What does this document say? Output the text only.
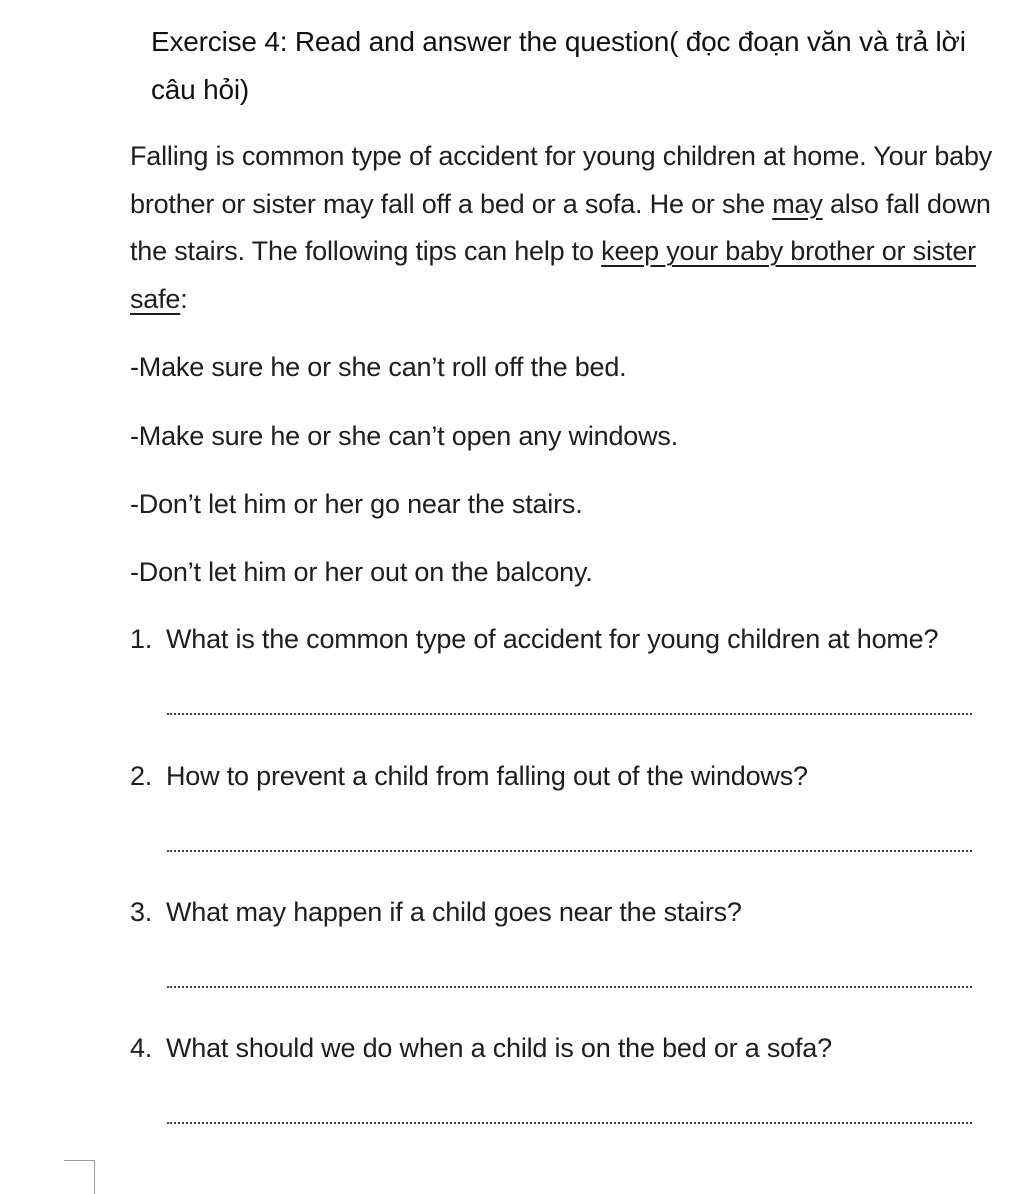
Exercise 4: Read and answer the question( đọc đoạn văn và trả lời câu hỏi)
Falling is common type of accident for young children at home. Your baby brother or sister may fall off a bed or a sofa. He or she may also fall down the stairs. The following tips can help to keep your baby brother or sister safe:
-Make sure he or she can’t roll off the bed.
-Make sure he or she can’t open any windows.
-Don’t let him or her go near the stairs.
-Don’t let him or her out on the balcony.
1. What is the common type of accident for young children at home?
2. How to prevent a child from falling out of the windows?
3. What may happen if a child goes near the stairs?
4. What should we do when a child is on the bed or a sofa?
